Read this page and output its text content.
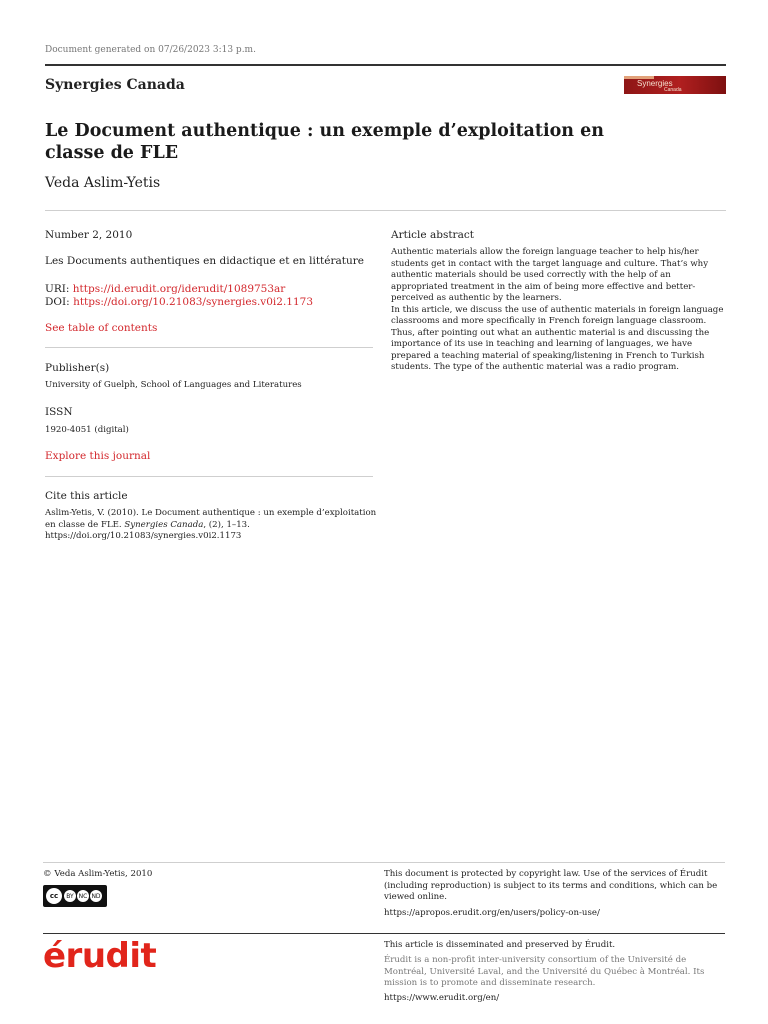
Document generated on 07/26/2023 3:13 p.m.
Synergies Canada	Synergies
Canada
Le Document authentique : un exemple d’exploitation en classe de FLE
Veda Aslim-Yetis
Number 2, 2010
Les Documents authentiques en didactique et en littérature
URI: https://id.erudit.org/iderudit/1089753ar
DOI: https://doi.org/10.21083/synergies.v0i2.1173
See table of contents
Publisher(s)
University of Guelph, School of Languages and Literatures
ISSN
1920-4051 (digital)
Explore this journal
Cite this article
Aslim-Yetis, V. (2010). Le Document authentique : un exemple d’exploitation en classe de FLE. Synergies Canada, (2), 1–13.
https://doi.org/10.21083/synergies.v0i2.1173
Article abstract

Authentic materials allow the foreign language teacher to help his/her students get in contact with the target language and culture. That’s why authentic materials should be used correctly with the help of an appropriated treatment in the aim of being more effective and better-perceived as authentic by the learners.

In this article, we discuss the use of authentic materials in foreign language classrooms and more specifically in French foreign language classroom. Thus, after pointing out what an authentic material is and discussing the importance of its use in teaching and learning of languages, we have prepared a teaching material of speaking/listening in French to Turkish students. The type of the authentic material was a radio program.

© Veda Aslim-Yetis, 2010
cc	BY NC ND
This document is protected by copyright law. Use of the services of Érudit (including reproduction) is subject to its terms and conditions, which can be viewed online.
https://apropos.erudit.org/en/users/policy-on-use/
érudit	This article is disseminated and preserved by Érudit.
Érudit is a non-profit inter-university consortium of the Université de Montréal, Université Laval, and the Université du Québec à Montréal. Its mission is to promote and disseminate research.
https://www.erudit.org/en/
